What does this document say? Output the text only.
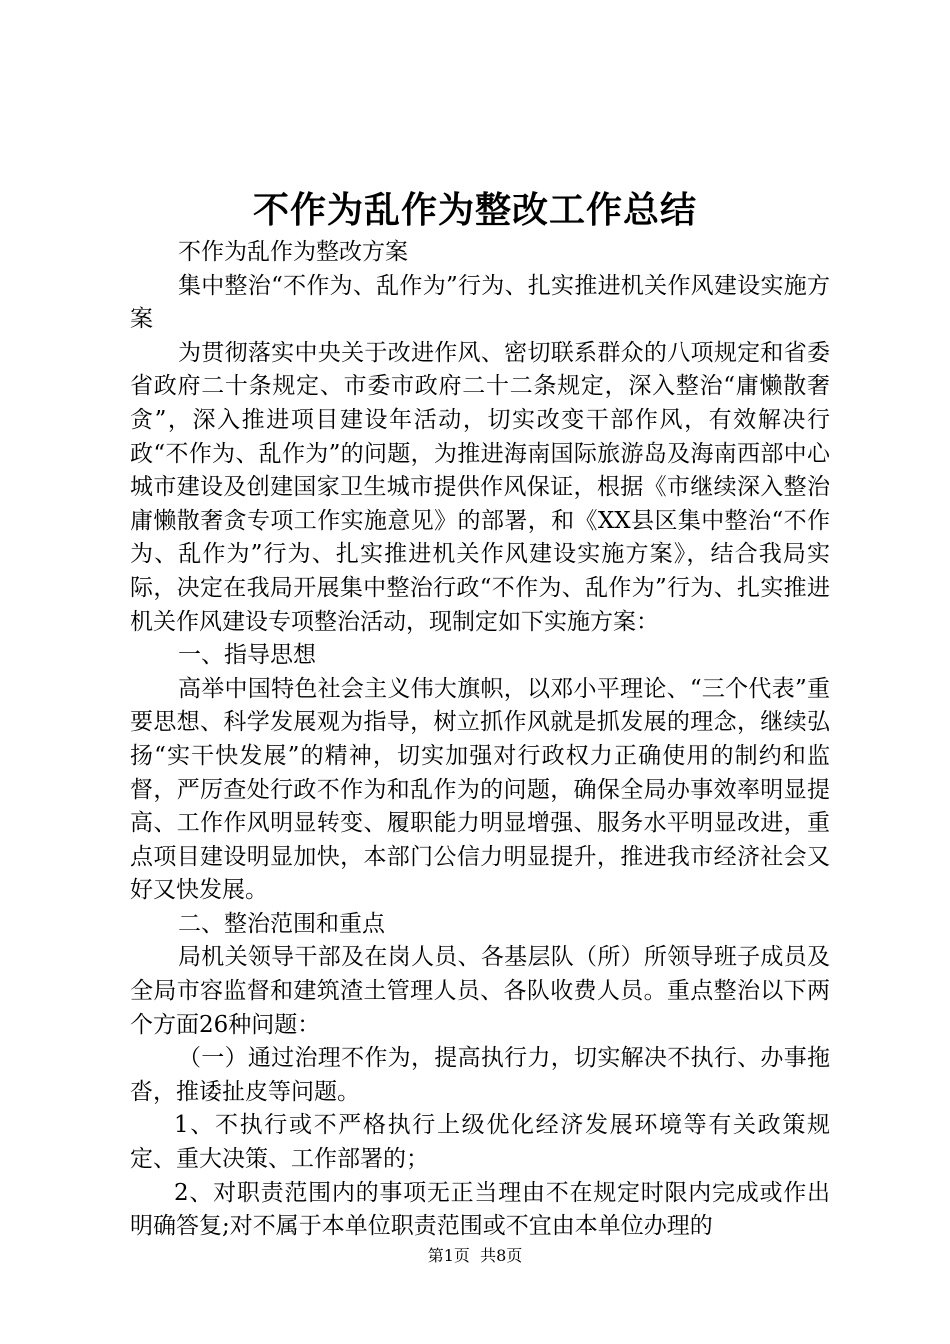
不作为乱作为整改工作总结

不作为乱作为整改方案

集中整治“不作为、乱作为”行为、扎实推进机关作风建设实施方案

为贯彻落实中央关于改进作风、密切联系群众的八项规定和省委省政府二十条规定、市委市政府二十二条规定，深入整治“庸懒散奢贪”，深入推进项目建设年活动，切实改变干部作风，有效解决行政“不作为、乱作为”的问题，为推进海南国际旅游岛及海南西部中心城市建设及创建国家卫生城市提供作风保证，根据《市继续深入整治庸懒散奢贪专项工作实施意见》的部署，和《XX县区集中整治“不作为、乱作为”行为、扎实推进机关作风建设实施方案》，结合我局实际，决定在我局开展集中整治行政“不作为、乱作为”行为、扎实推进机关作风建设专项整治活动，现制定如下实施方案：

一、指导思想

高举中国特色社会主义伟大旗帜，以邓小平理论、“三个代表”重要思想、科学发展观为指导，树立抓作风就是抓发展的理念，继续弘扬“实干快发展”的精神，切实加强对行政权力正确使用的制约和监督，严厉查处行政不作为和乱作为的问题，确保全局办事效率明显提高、工作作风明显转变、履职能力明显增强、服务水平明显改进，重点项目建设明显加快，本部门公信力明显提升，推进我市经济社会又好又快发展。

二、整治范围和重点

局机关领导干部及在岗人员、各基层队（所）所领导班子成员及全局市容监督和建筑渣土管理人员、各队收费人员。重点整治以下两个方面26种问题：

（一）通过治理不作为，提高执行力，切实解决不执行、办事拖沓，推诿扯皮等问题。

1、不执行或不严格执行上级优化经济发展环境等有关政策规定、重大决策、工作部署的；

2、对职责范围内的事项无正当理由不在规定时限内完成或作出明确答复;对不属于本单位职责范围或不宜由本单位办理的

第1页  共8页
